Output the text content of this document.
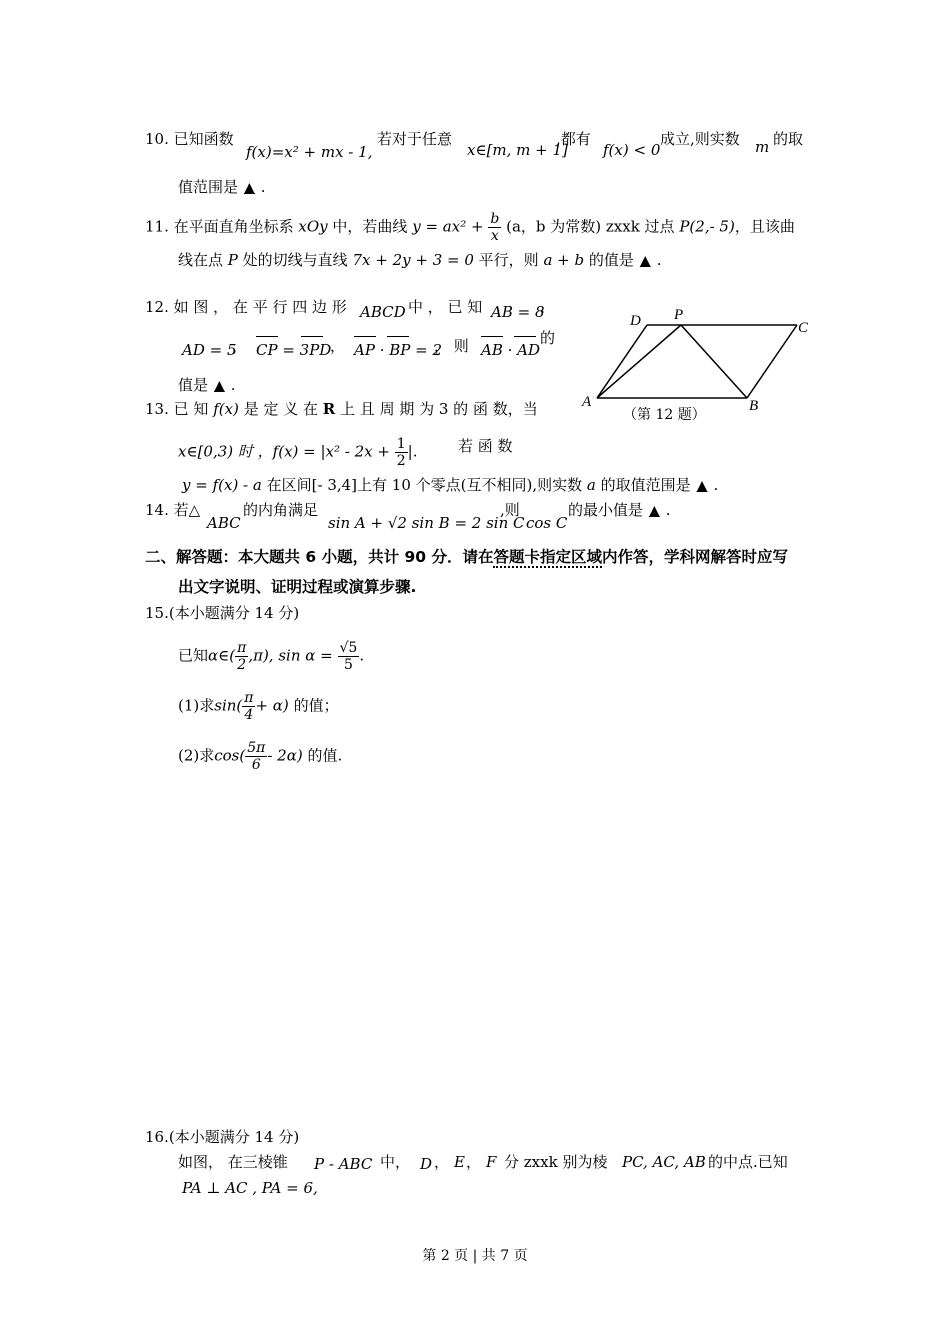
10. 已知函数
f(x)=x² + mx - 1,
若对于任意
x∈[m, m + 1]
,都有
f(x) < 0
成立,则实数 m 的取
值范围是 ▲ .
11. 在平面直角坐标系 xOy 中，若曲线 $y = ax^2 + \frac{b}{x} (a$，b 为常数) zxxk 过点 P(2,- 5)，且该曲
线在点 P 处的切线与直线 7x + 2y + 3 = 0 平行，则 a + b 的值是 ▲ .
12. 如 图 ， 在 平 行 四 边 形 ABCD 中 ， 已 知 AB = 8
，
AD = 5
， CP = 3PD
， AP · BP = 2
， 则 AB · AD
的
值是 ▲ .
A	B
C
D P
（第 12 题）
13. 已 知 f(x) 是 定 义 在 R 上 且 周 期 为 3 的 函 数，当
x∈[0,3) 时 ，$f(x) = |x^2 - 2x + \frac{1}{2}$ |.	若 函 数
y = f(x) - a 在区间[- 3,4]上有 10 个零点(互不相同),则实数 a 的取值范围是 ▲ .
14. 若△
ABC
的内角满足
sin A + √2 sin B = 2 sin C
,则
cos C
的最小值是 ▲ .
二、解答题：本大题共 6 小题，共计 90 分．请在答题卡指定区域内作答，学科网解答时应写
出文字说明、证明过程或演算步骤.
15.(本小题满分 14 分)
已知α∈( $\frac{\pi}{2} ,\pi$), $\sin \alpha = \frac{√5}{5}$ .
(1)求$\sin( \frac{\pi}{4} + \alpha)$ 的值；
(2)求$\cos( \frac{5\pi}{6} - 2\alpha)$ 的值.
16.(本小题满分 14 分)
如图， 在三棱锥 P - ABC 中， D ， E ， F 分 zxxk 别为棱 PC, AC, AB 的中点.已知
PA ⊥ AC , PA = 6,
第 2 页 | 共 7 页
